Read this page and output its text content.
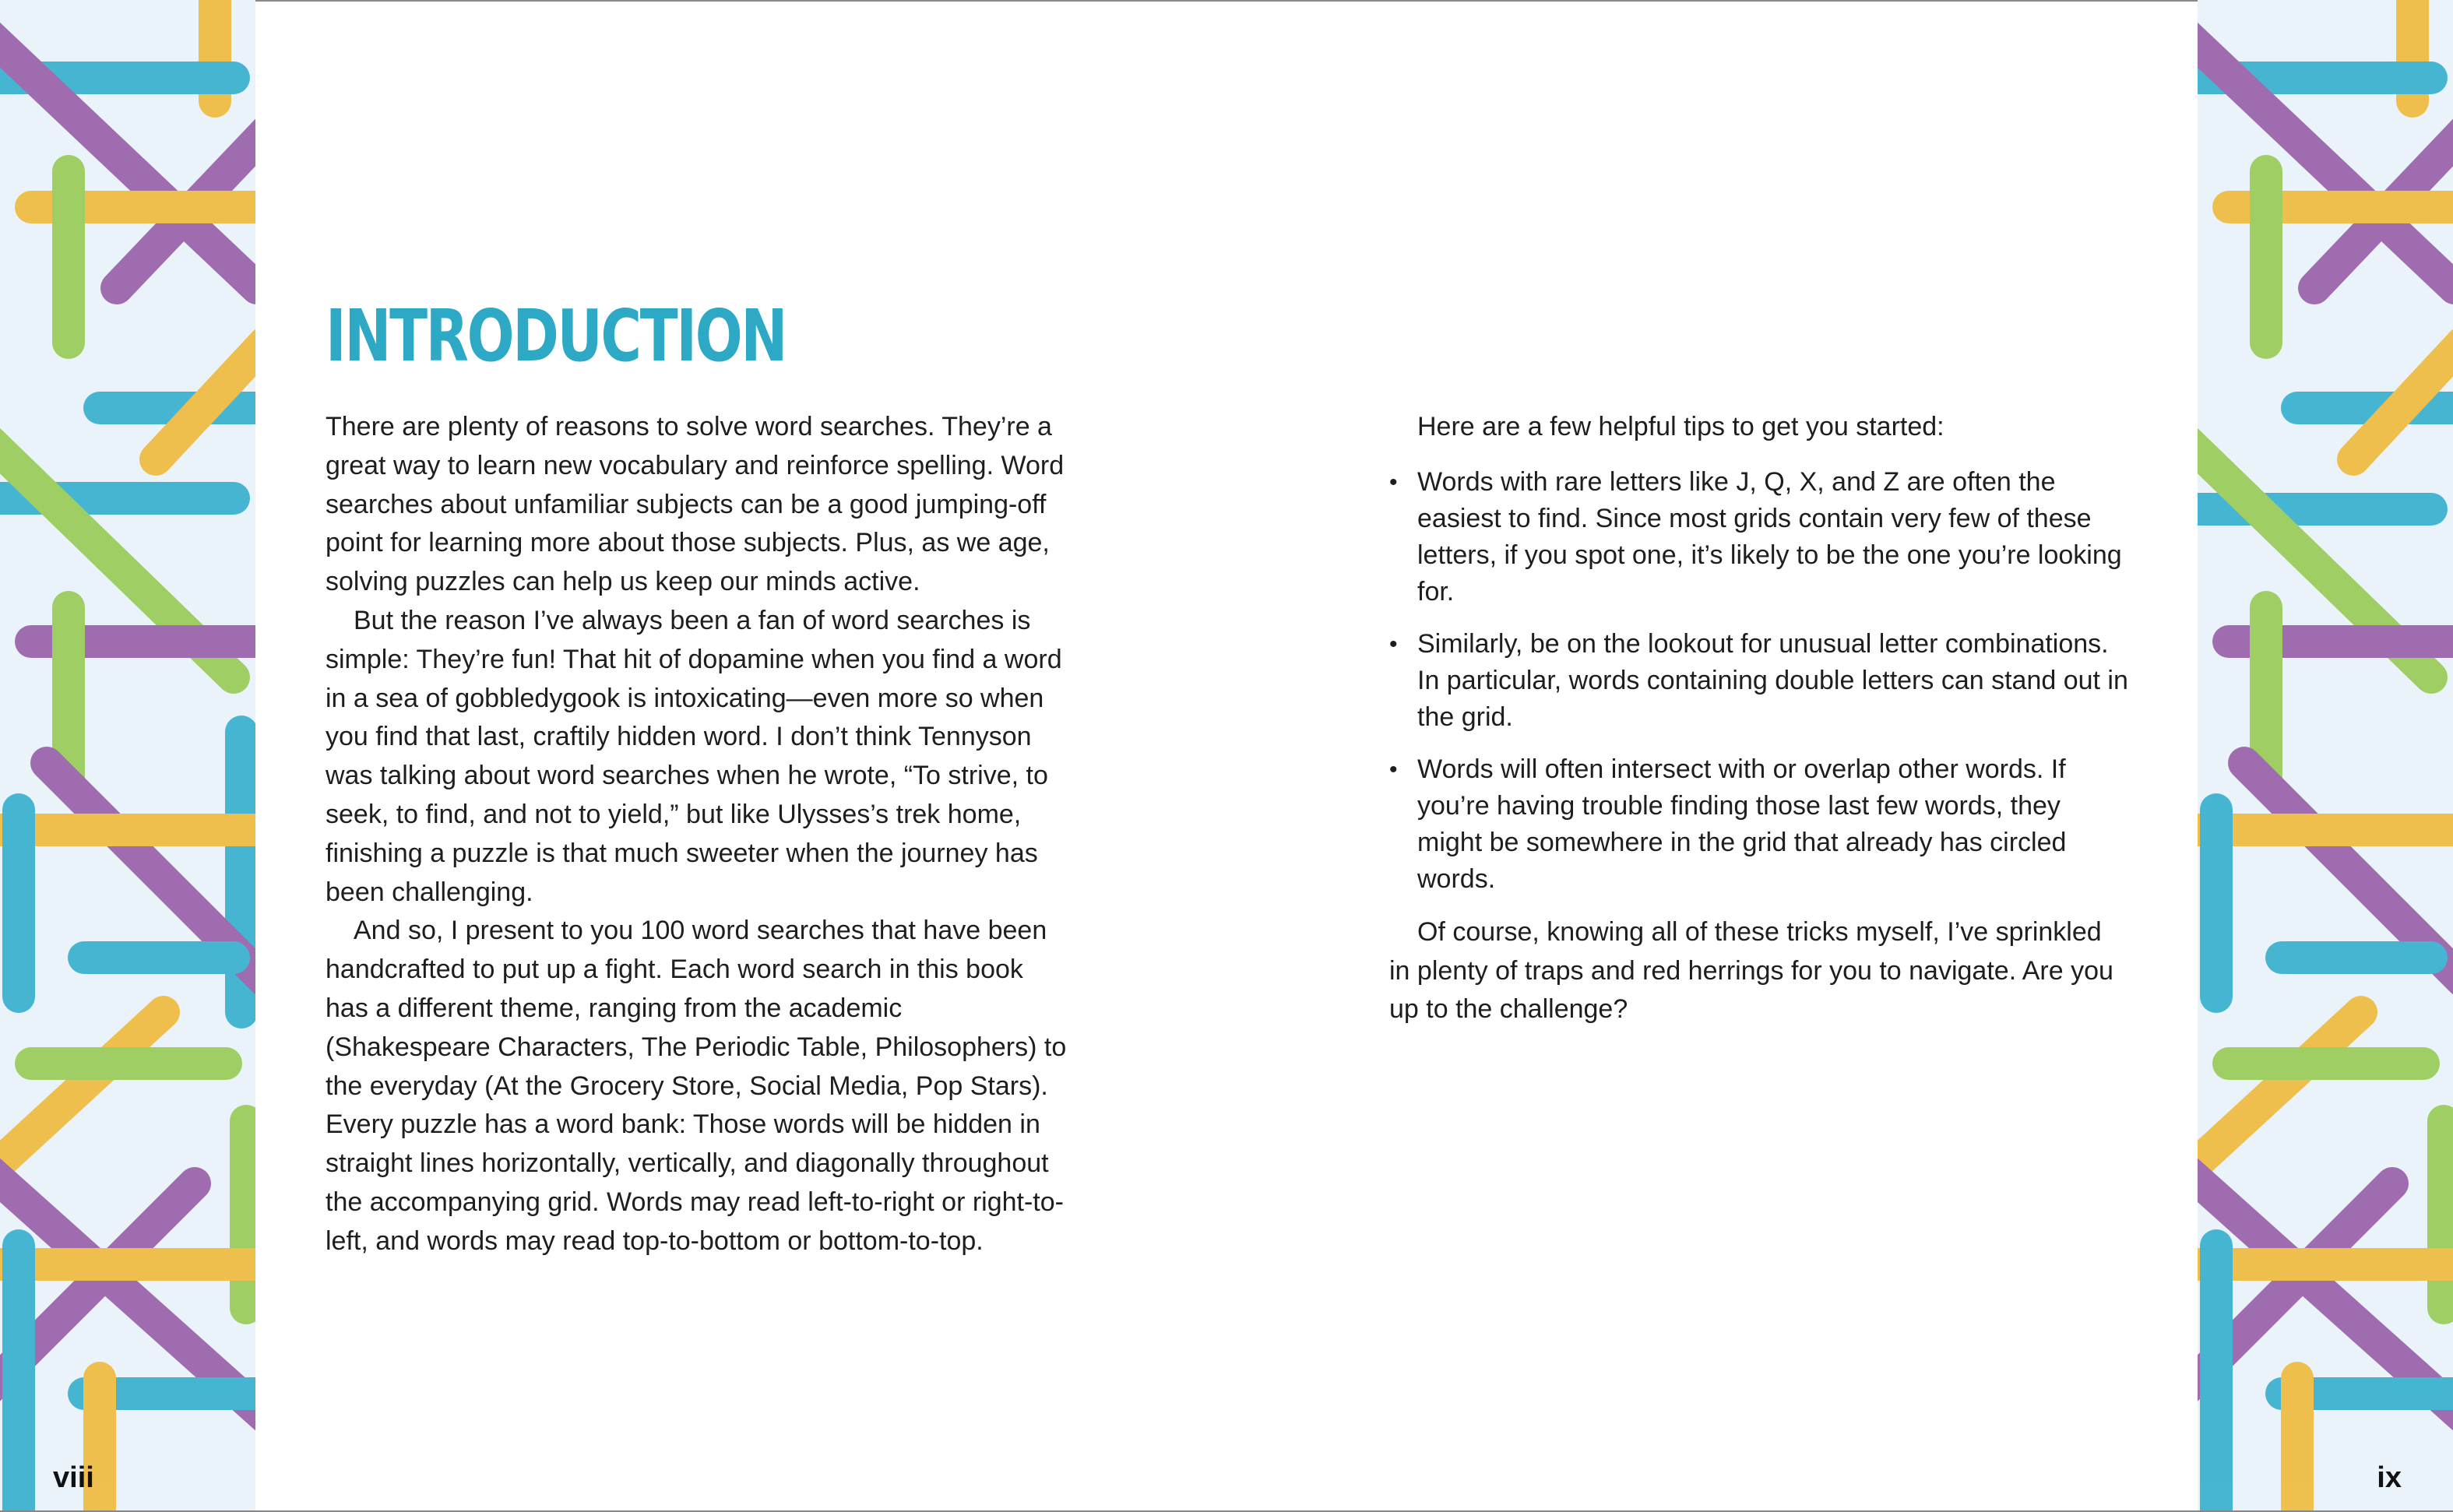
INTRODUCTION

There are plenty of reasons to solve word searches. They’re a great way to learn new vocabulary and reinforce spelling. Word searches about unfamiliar subjects can be a good jumping-off point for learning more about those subjects. Plus, as we age, solving puzzles can help us keep our minds active.

But the reason I’ve always been a fan of word searches is simple: They’re fun! That hit of dopamine when you find a word in a sea of gobbledygook is intoxicating—even more so when you find that last, craftily hidden word. I don’t think Tennyson was talking about word searches when he wrote, “To strive, to seek, to find, and not to yield,” but like Ulysses’s trek home, finishing a puzzle is that much sweeter when the journey has been challenging.

And so, I present to you 100 word searches that have been handcrafted to put up a fight. Each word search in this book has a different theme, ranging from the academic (Shakespeare Characters, The Periodic Table, Philosophers) to the everyday (At the Grocery Store, Social Media, Pop Stars). Every puzzle has a word bank: Those words will be hidden in straight lines horizontally, vertically, and diagonally throughout the accompanying grid. Words may read left-to-right or right-to-left, and words may read top-to-bottom or bottom-to-top.

Here are a few helpful tips to get you started:

• Words with rare letters like J, Q, X, and Z are often the easiest to find. Since most grids contain very few of these letters, if you spot one, it’s likely to be the one you’re looking for.
• Similarly, be on the lookout for unusual letter combinations. In particular, words containing double letters can stand out in the grid.
• Words will often intersect with or overlap other words. If you’re having trouble finding those last few words, they might be somewhere in the grid that already has circled words.

Of course, knowing all of these tricks myself, I’ve sprinkled in plenty of traps and red herrings for you to navigate. Are you up to the challenge?

viii	ix
